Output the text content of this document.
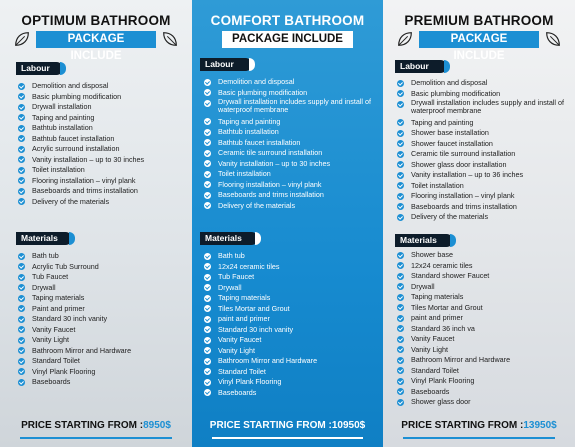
OPTIMUM BATHROOM
PACKAGE INCLUDE
Labour
Demolition and disposal
Basic plumbing modification
Drywall installation
Taping and painting
Bathtub installation
Bathtub faucet installation
Acrylic surround installation
Vanity installation – up to 30 inches
Toilet installation
Flooring installation – vinyl plank
Baseboards and trims installation
Delivery of the materials
Materials
Bath tub
Acrylic Tub Surround
Tub Faucet
Drywall
Taping materials
Paint and primer
Standard 30 inch vanity
Vanity Faucet
Vanity Light
Bathroom Mirror and Hardware
Standard Toilet
Vinyl Plank Flooring
Baseboards
PRICE STARTING FROM :8950$
COMFORT BATHROOM
PACKAGE INCLUDE
Labour
Demolition and disposal
Basic plumbing modification
Drywall installation includes supply and install of waterproof membrane
Taping and painting
Bathtub installation
Bathtub faucet installation
Ceramic tile surround installation
Vanity installation – up to 30 inches
Toilet installation
Flooring installation – vinyl plank
Baseboards and trims installation
Delivery of the materials
Materials
Bath tub
12x24 ceramic tiles
Tub Faucet
Drywall
Taping materials
Tiles Mortar and Grout
paint and primer
Standard 30 inch vanity
Vanity Faucet
Vanity Light
Bathroom Mirror and Hardware
Standard Toilet
Vinyl Plank Flooring
Baseboards
PRICE STARTING FROM :10950$
PREMIUM BATHROOM
PACKAGE INCLUDE
Labour
Demolition and disposal
Basic plumbing modification
Drywall installation includes supply and install of waterproof membrane
Taping and painting
Shower base installation
Shower faucet installation
Ceramic tile surround installation
Shower glass door installation
Vanity installation – up to 36 inches
Toilet installation
Flooring installation – vinyl plank
Baseboards and trims installation
Delivery of the materials
Materials
Shower base
12x24 ceramic tiles
Standard shower Faucet
Drywall
Taping materials
Tiles Mortar and Grout
paint and primer
Standard 36 inch va
Vanity Faucet
Vanity Light
Bathroom Mirror and Hardware
Standard Toilet
Vinyl Plank Flooring
Baseboards
Shower glass door
PRICE STARTING FROM :13950$
